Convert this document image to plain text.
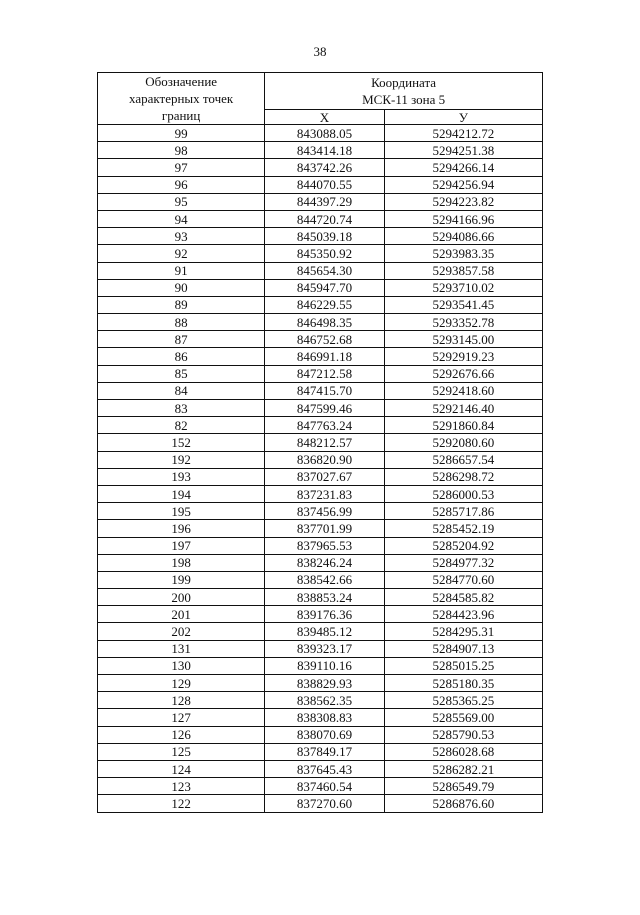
38
Обозначение
характерных точек
границ	Координата
МСК-11 зона 5	

	X	У
99	843088.05	5294212.72
98	843414.18	5294251.38
97	843742.26	5294266.14
96	844070.55	5294256.94
95	844397.29	5294223.82
94	844720.74	5294166.96
93	845039.18	5294086.66
92	845350.92	5293983.35
91	845654.30	5293857.58
90	845947.70	5293710.02
89	846229.55	5293541.45
88	846498.35	5293352.78
87	846752.68	5293145.00
86	846991.18	5292919.23
85	847212.58	5292676.66
84	847415.70	5292418.60
83	847599.46	5292146.40
82	847763.24	5291860.84
152	848212.57	5292080.60
192	836820.90	5286657.54
193	837027.67	5286298.72
194	837231.83	5286000.53
195	837456.99	5285717.86
196	837701.99	5285452.19
197	837965.53	5285204.92
198	838246.24	5284977.32
199	838542.66	5284770.60
200	838853.24	5284585.82
201	839176.36	5284423.96
202	839485.12	5284295.31
131	839323.17	5284907.13
130	839110.16	5285015.25
129	838829.93	5285180.35
128	838562.35	5285365.25
127	838308.83	5285569.00
126	838070.69	5285790.53
125	837849.17	5286028.68
124	837645.43	5286282.21
123	837460.54	5286549.79
122	837270.60	5286876.60
